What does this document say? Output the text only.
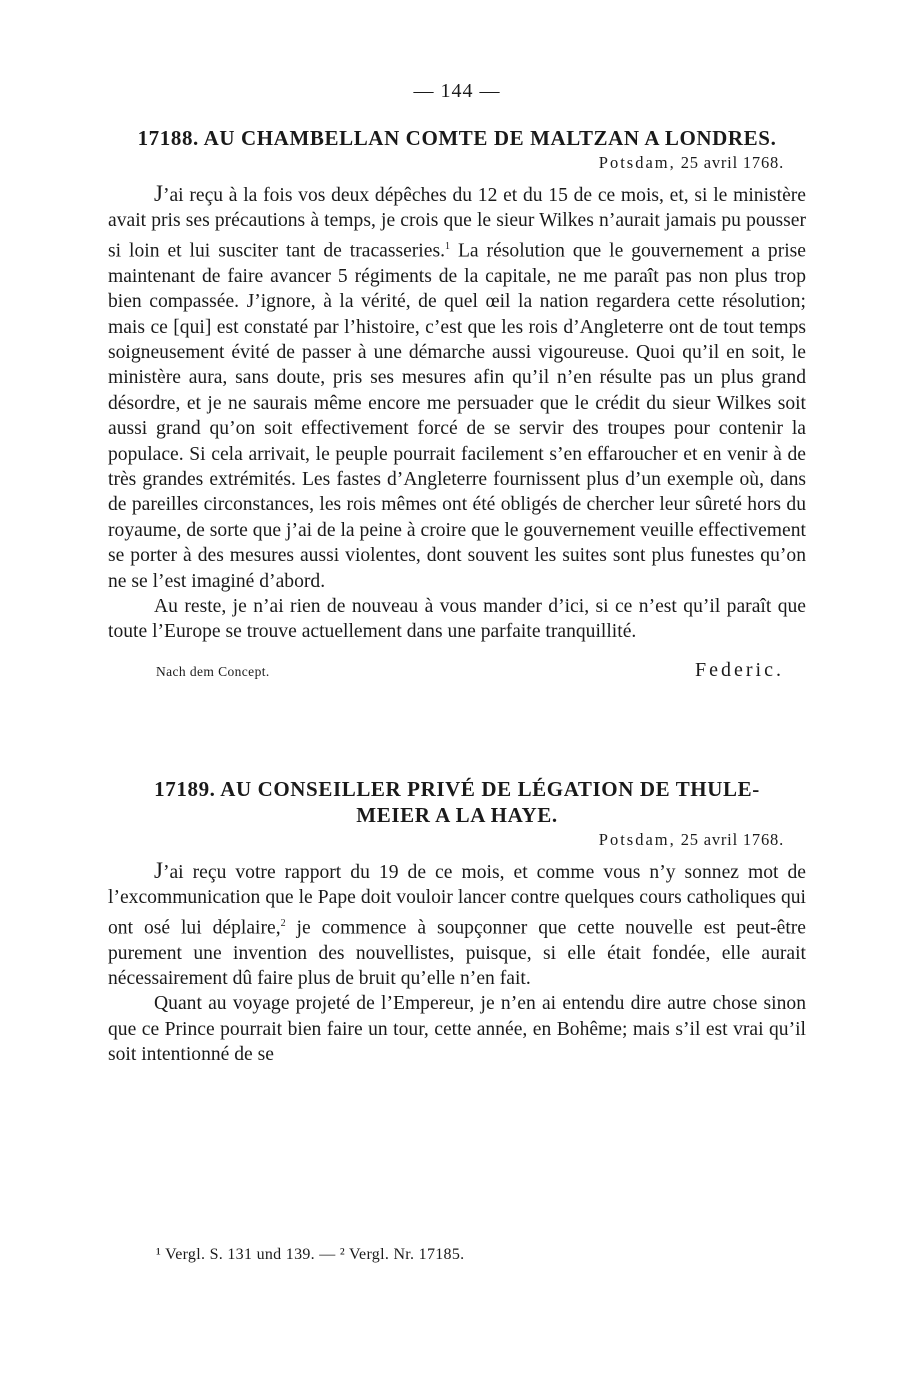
— 144 —
17188. AU CHAMBELLAN COMTE DE MALTZAN A LONDRES.
Potsdam, 25 avril 1768.

J’ai reçu à la fois vos deux dépêches du 12 et du 15 de ce mois, et, si le ministère avait pris ses précautions à temps, je crois que le sieur Wilkes n’aurait jamais pu pousser si loin et lui susciter tant de tracasseries.$^1$ La résolution que le gouvernement a prise maintenant de faire avancer 5 régiments de la capitale, ne me paraît pas non plus trop bien compassée. J’ignore, à la vérité, de quel œil la nation regardera cette résolution; mais ce [qui] est constaté par l’histoire, c’est que les rois d’Angleterre ont de tout temps soigneusement évité de passer à une démarche aussi vigoureuse. Quoi qu’il en soit, le ministère aura, sans doute, pris ses mesures afin qu’il n’en résulte pas un plus grand désordre, et je ne saurais même encore me persuader que le crédit du sieur Wilkes soit aussi grand qu’on soit effectivement forcé de se servir des troupes pour contenir la populace. Si cela arrivait, le peuple pourrait facilement s’en effaroucher et en venir à de très grandes extrémités. Les fastes d’Angleterre fournissent plus d’un exemple où, dans de pareilles circonstances, les rois mêmes ont été obligés de chercher leur sûreté hors du royaume, de sorte que j’ai de la peine à croire que le gouvernement veuille effectivement se porter à des mesures aussi violentes, dont souvent les suites sont plus funestes qu’on ne se l’est imaginé d’abord.

Au reste, je n’ai rien de nouveau à vous mander d’ici, si ce n’est qu’il paraît que toute l’Europe se trouve actuellement dans une parfaite tranquillité.

Nach dem Concept.	Federic.
17189. AU CONSEILLER PRIVÉ DE LÉGATION DE THULE-
MEIER A LA HAYE.
Potsdam, 25 avril 1768.

J’ai reçu votre rapport du 19 de ce mois, et comme vous n’y sonnez mot de l’excommunication que le Pape doit vouloir lancer contre quelques cours catholiques qui ont osé lui déplaire,$^2$ je commence à soupçonner que cette nouvelle est peut-être purement une invention des nouvellistes, puisque, si elle était fondée, elle aurait nécessairement dû faire plus de bruit qu’elle n’en fait.

Quant au voyage projeté de l’Empereur, je n’en ai entendu dire autre chose sinon que ce Prince pourrait bien faire un tour, cette année, en Bohême; mais s’il est vrai qu’il soit intentionné de se

¹ Vergl. S. 131 und 139. — ² Vergl. Nr. 17185.
